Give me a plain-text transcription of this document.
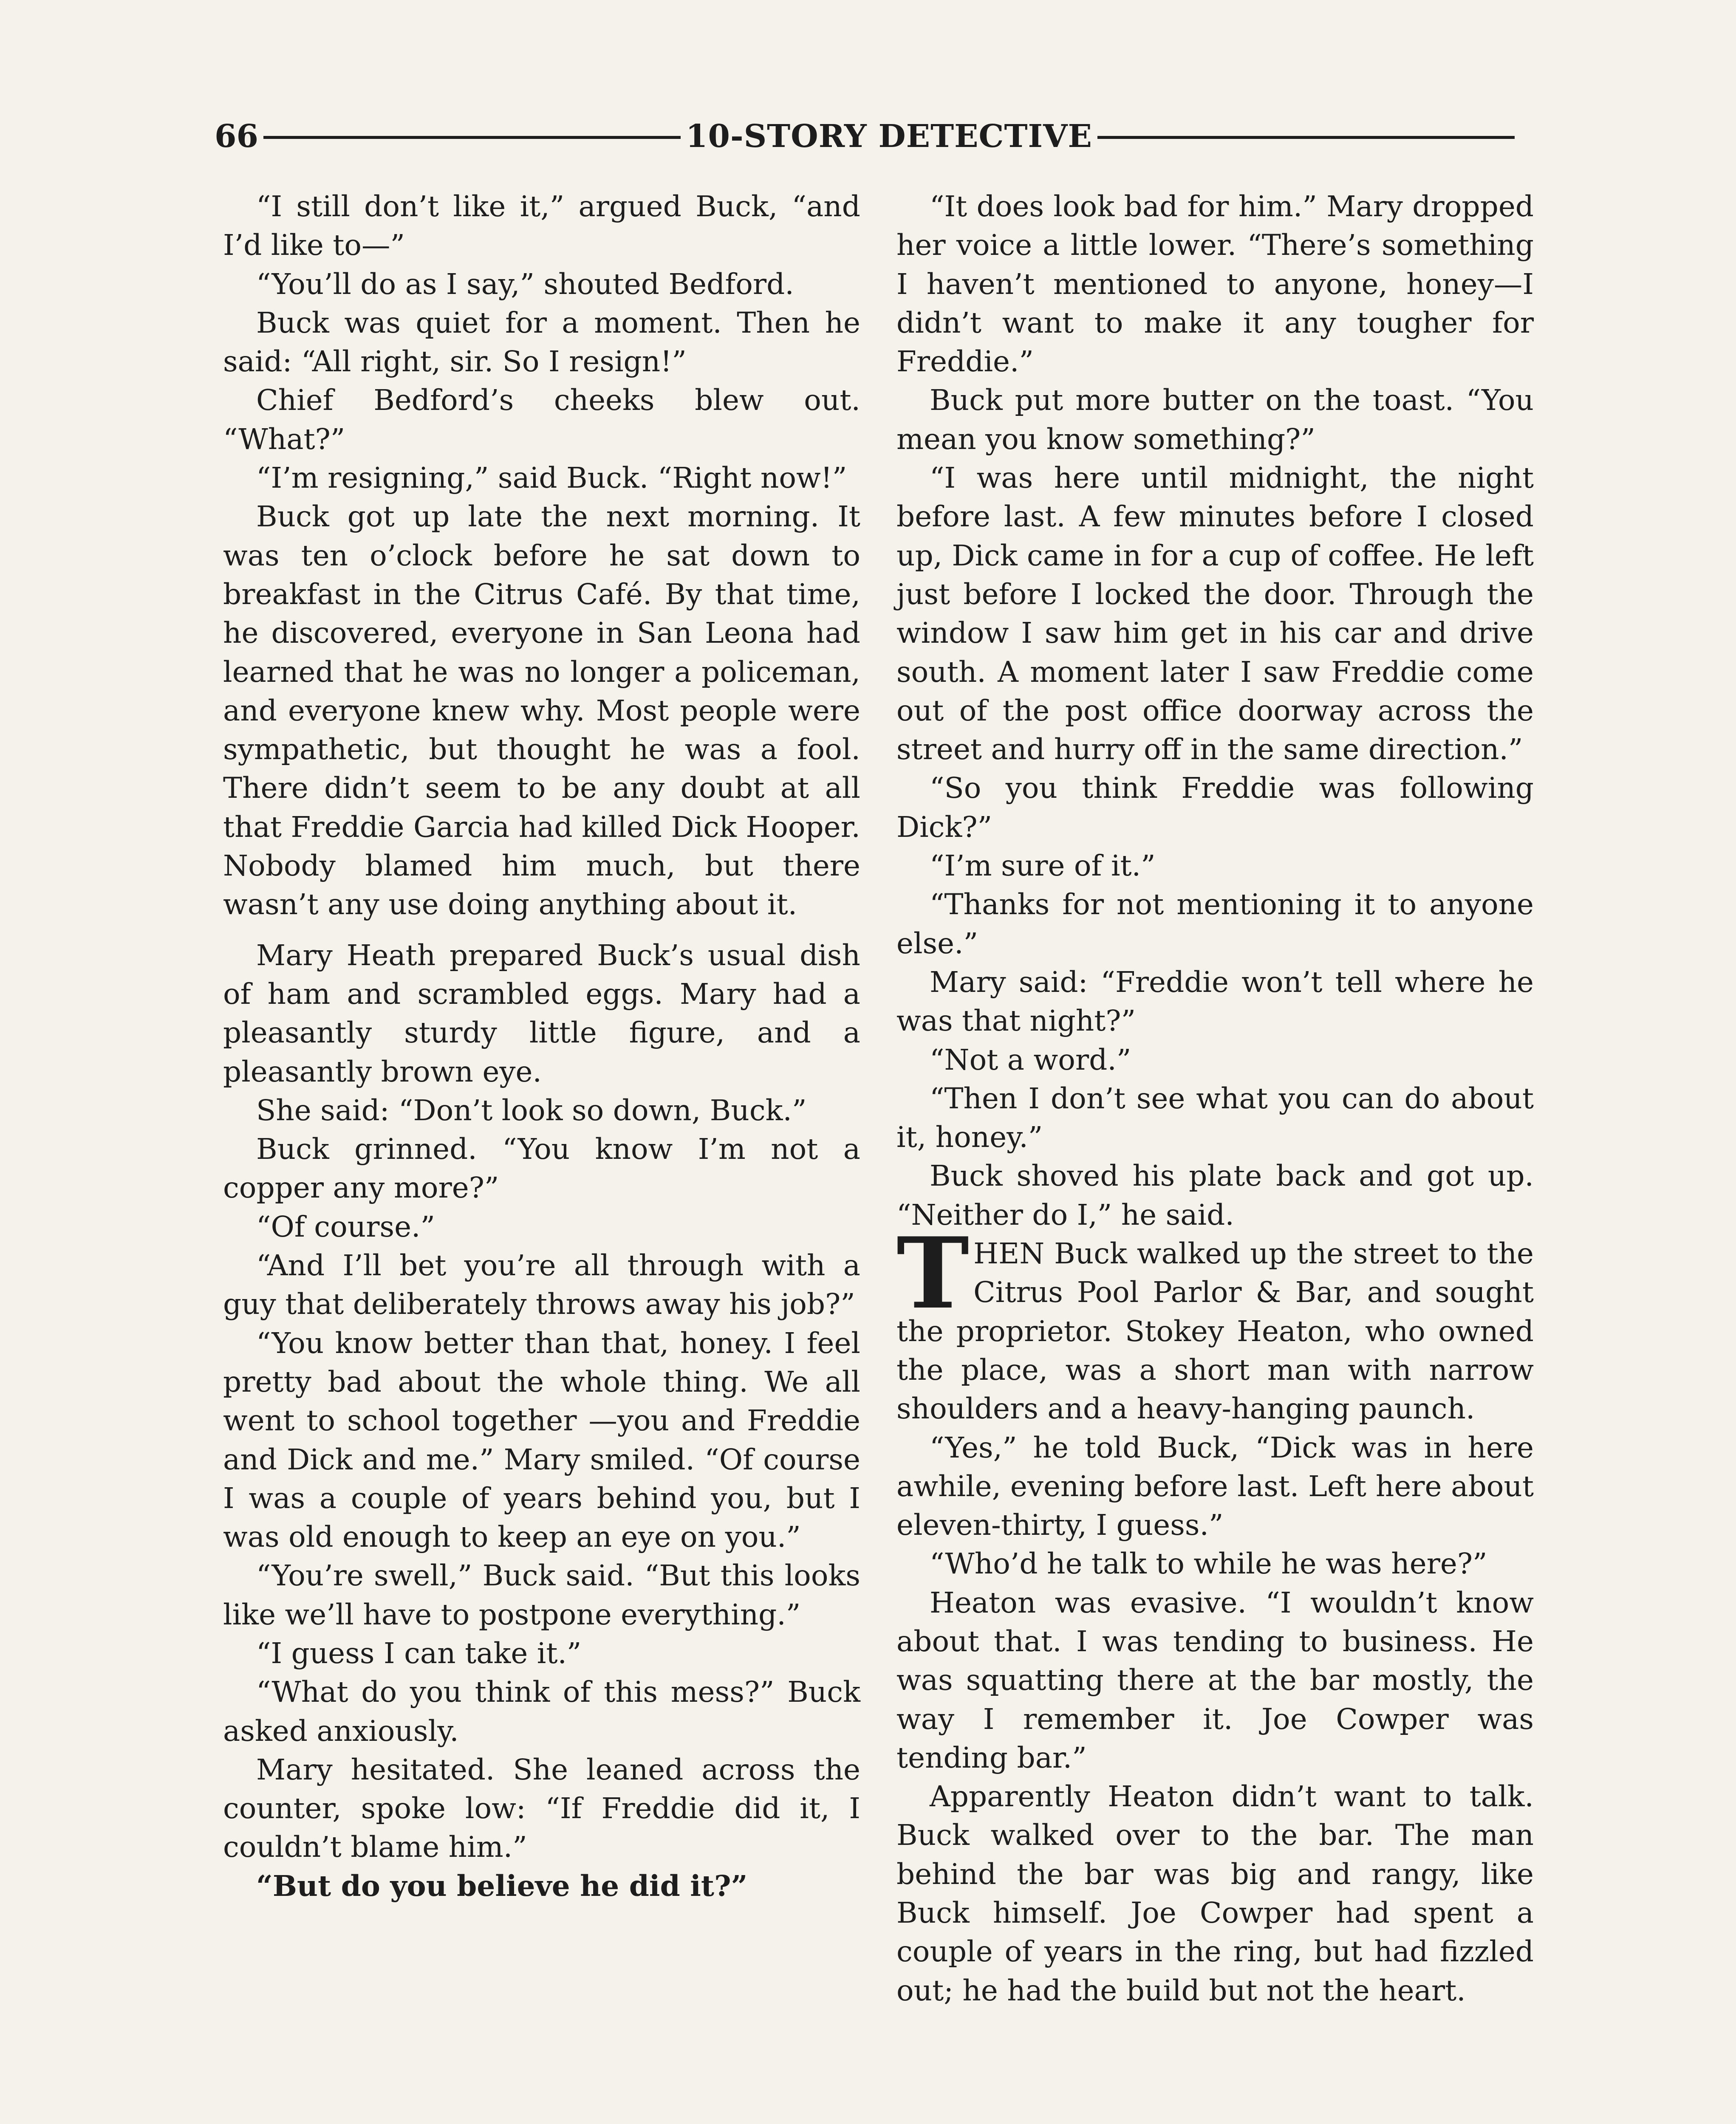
66	10-STORY DETECTIVE

“I still don’t like it,” argued Buck, “and I’d like to—”

“You’ll do as I say,” shouted Bedford.

Buck was quiet for a moment. Then he said: “All right, sir. So I resign!”

Chief Bedford’s cheeks blew out. “What?”

“I’m resigning,” said Buck. “Right now!”

Buck got up late the next morning. It was ten o’clock before he sat down to breakfast in the Citrus Café. By that time, he discovered, everyone in San Leona had learned that he was no longer a policeman, and everyone knew why. Most people were sympathetic, but thought he was a fool. There didn’t seem to be any doubt at all that Freddie Garcia had killed Dick Hooper. Nobody blamed him much, but there wasn’t any use doing anything about it.

Mary Heath prepared Buck’s usual dish of ham and scrambled eggs. Mary had a pleasantly sturdy little figure, and a pleasantly brown eye.

She said: “Don’t look so down, Buck.”

Buck grinned. “You know I’m not a copper any more?”

“Of course.”

“And I’ll bet you’re all through with a guy that deliberately throws away his job?”

“You know better than that, honey. I feel pretty bad about the whole thing. We all went to school together —you and Freddie and Dick and me.” Mary smiled. “Of course I was a couple of years behind you, but I was old enough to keep an eye on you.”

“You’re swell,” Buck said. “But this looks like we’ll have to postpone everything.”

“I guess I can take it.”

“What do you think of this mess?” Buck asked anxiously.

Mary hesitated. She leaned across the counter, spoke low: “If Freddie did it, I couldn’t blame him.”

“But do you believe he did it?”

“It does look bad for him.” Mary dropped her voice a little lower. “There’s something I haven’t mentioned to anyone, honey—I didn’t want to make it any tougher for Freddie.”

Buck put more butter on the toast. “You mean you know something?”

“I was here until midnight, the night before last. A few minutes before I closed up, Dick came in for a cup of coffee. He left just before I locked the door. Through the window I saw him get in his car and drive south. A moment later I saw Freddie come out of the post office doorway across the street and hurry off in the same direction.”

“So you think Freddie was following Dick?”

“I’m sure of it.”

“Thanks for not mentioning it to anyone else.”

Mary said: “Freddie won’t tell where he was that night?”

“Not a word.”

“Then I don’t see what you can do about it, honey.”

Buck shoved his plate back and got up. “Neither do I,” he said.

THEN Buck walked up the street to the Citrus Pool Parlor & Bar, and sought the proprietor. Stokey Heaton, who owned the place, was a short man with narrow shoulders and a heavy-hanging paunch.

“Yes,” he told Buck, “Dick was in here awhile, evening before last. Left here about eleven-thirty, I guess.”

“Who’d he talk to while he was here?”

Heaton was evasive. “I wouldn’t know about that. I was tending to business. He was squatting there at the bar mostly, the way I remember it. Joe Cowper was tending bar.”

Apparently Heaton didn’t want to talk. Buck walked over to the bar. The man behind the bar was big and rangy, like Buck himself. Joe Cowper had spent a couple of years in the ring, but had fizzled out; he had the build but not the heart.
